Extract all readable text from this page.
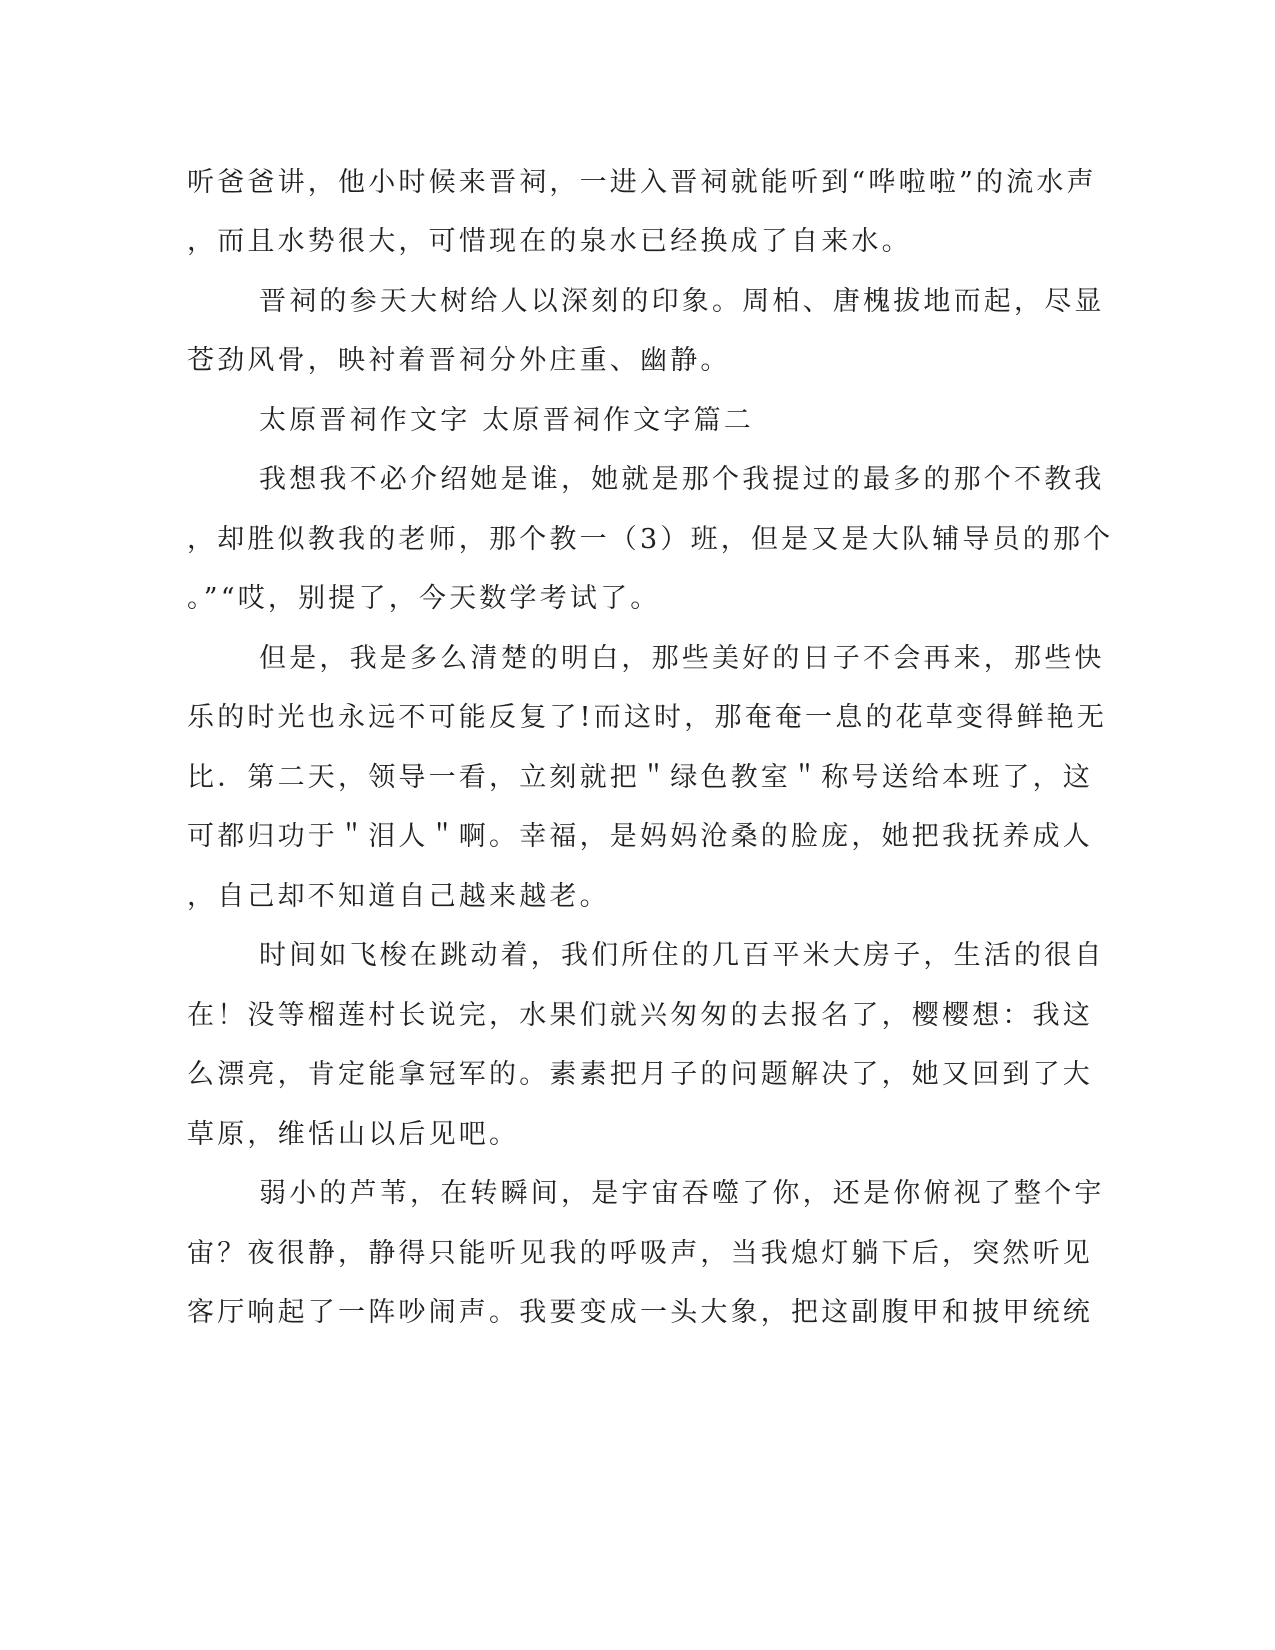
听爸爸讲，他小时候来晋祠，一进入晋祠就能听到“哗啦啦”的流水声

，而且水势很大，可惜现在的泉水已经换成了自来水。

晋祠的参天大树给人以深刻的印象。周柏、唐槐拔地而起，尽显

苍劲风骨，映衬着晋祠分外庄重、幽静。

太原晋祠作文字 太原晋祠作文字篇二

我想我不必介绍她是谁，她就是那个我提过的最多的那个不教我

，却胜似教我的老师，那个教一（3）班，但是又是大队辅导员的那个

。”“哎，别提了，今天数学考试了。

但是，我是多么清楚的明白，那些美好的日子不会再来，那些快

乐的时光也永远不可能反复了!而这时，那奄奄一息的花草变得鲜艳无

比．第二天，领导一看，立刻就把＂绿色教室＂称号送给本班了，这

可都归功于＂泪人＂啊。幸福，是妈妈沧桑的脸庞，她把我抚养成人

，自己却不知道自己越来越老。

时间如飞梭在跳动着，我们所住的几百平米大房子，生活的很自

在！没等榴莲村长说完，水果们就兴匆匆的去报名了，樱樱想：我这

么漂亮，肯定能拿冠军的。素素把月子的问题解决了，她又回到了大

草原，维恬山以后见吧。

弱小的芦苇，在转瞬间，是宇宙吞噬了你，还是你俯视了整个宇

宙？夜很静，静得只能听见我的呼吸声，当我熄灯躺下后，突然听见

客厅响起了一阵吵闹声。我要变成一头大象，把这副腹甲和披甲统统
